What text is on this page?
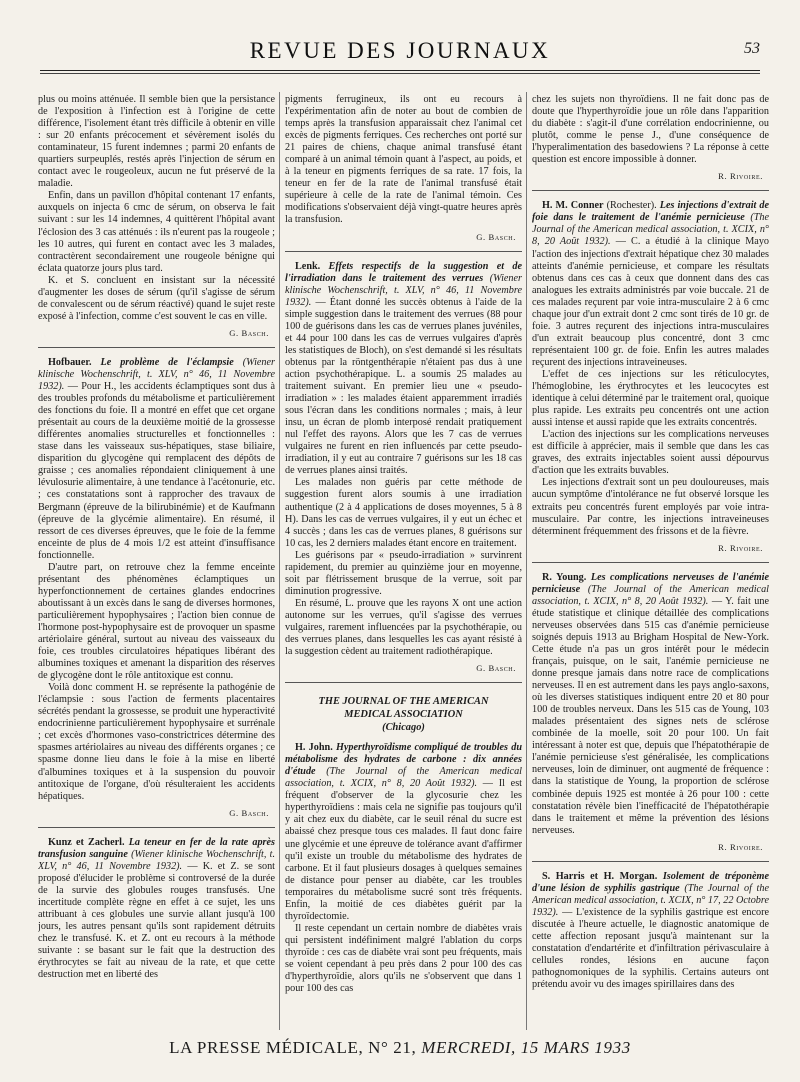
REVUE DES JOURNAUX	53

plus ou moins atténuée. Il semble bien que la persistance de l'exposition à l'infection est à l'origine de cette différence, l'isolement étant très difficile à obtenir en ville : sur 20 enfants précocement et sévèrement isolés du contaminateur, 15 furent indemnes ; parmi 20 enfants de quartiers surpeuplés, restés après l'injection de sérum en contact avec le rougeoleux, aucun ne fut préservé de la maladie.

Enfin, dans un pavillon d'hôpital contenant 17 enfants, auxquels on injecta 6 cmc de sérum, on observa le fait suivant : sur les 14 indemnes, 4 quittèrent l'hôpital avant l'éclosion des 3 cas atténués : ils n'eurent pas la rougeole ; les 10 autres, qui furent en contact avec les 3 malades, contractèrent secondairement une rougeole bénigne qui éclata quatorze jours plus tard.

K. et S. concluent en insistant sur la nécessité d'augmenter les doses de sérum (qu'il s'agisse de sérum de convalescent ou de sérum réactivé) quand le sujet reste exposé à l'infection, comme c'est souvent le cas en ville.

G. Basch.

Hofbauer. Le problème de l'éclampsie (Wiener klinische Wochenschrift, t. XLV, n° 46, 11 Novembre 1932). — Pour H., les accidents éclamptiques sont dus à des troubles profonds du métabolisme et particulièrement des fonctions du foie. Il a montré en effet que cet organe présentait au cours de la deuxième moitié de la grossesse différentes anomalies structurelles et fonctionnelles : stase dans les vaisseaux sus-hépatiques, stase biliaire, disparition du glycogène qui remplacent des dépôts de graisse ; ces anomalies répondaient cliniquement à une lévulosurie alimentaire, à une tendance à l'acétonurie, etc. ; ces constatations sont à rapprocher des travaux de Bergmann (épreuve de la bilirubinémie) et de Kaufmann (épreuve de la glycémie alimentaire). En résumé, il ressort de ces diverses épreuves, que le foie de la femme enceinte de plus de 4 mois 1/2 est atteint d'insuffisance fonctionnelle.

D'autre part, on retrouve chez la femme enceinte présentant des phénomènes éclamptiques un hyperfonctionnement de certaines glandes endocrines aboutissant à un excès dans le sang de diverses hormones, particulièrement hypophysaires ; l'action bien connue de l'hormone post-hypophysaire est de provoquer un spasme artériolaire général, surtout au niveau des vaisseaux du foie, ces troubles circulatoires hépatiques libérant des albumines toxiques et amenant la disparition des réserves de glycogène dont le rôle antitoxique est connu.

Voilà donc comment H. se représente la pathogénie de l'éclampsie : sous l'action de ferments placentaires sécrétés pendant la grossesse, se produit une hyperactivité endocrinienne particulièrement hypophysaire et surrénale ; cet excès d'hormones vaso-constrictrices détermine des spasmes artériolaires au niveau des différents organes ; ce spasme donne lieu dans le foie à la mise en liberté d'albumines toxiques et à la suspension du pouvoir antitoxique de l'organe, d'où résulteraient les accidents hépatiques.

G. Basch.

Kunz et Zacherl. La teneur en fer de la rate après transfusion sanguine (Wiener klinische Wochenschrift, t. XLV, n° 46, 11 Novembre 1932). — K. et Z. se sont proposé d'élucider le problème si controversé de la durée de la survie des globules rouges transfusés. Une incertitude complète règne en effet à ce sujet, les uns attribuant à ces globules une survie allant jusqu'à 100 jours, les autres pensant qu'ils sont rapidement détruits chez le transfusé. K. et Z. ont eu recours à la méthode suivante : se basant sur le fait que la destruction des érythrocytes se fait au niveau de la rate, et que cette destruction met en liberté des

pigments ferrugineux, ils ont eu recours à l'expérimentation afin de noter au bout de combien de temps après la transfusion apparaissait chez l'animal cet excès de pigments ferriques. Ces recherches ont porté sur 21 paires de chiens, chaque animal transfusé étant comparé à un animal témoin quant à l'aspect, au poids, et à la teneur en pigments ferriques de sa rate. 17 fois, la teneur en fer de la rate de l'animal transfusé était supérieure à celle de la rate de l'animal témoin. Ces modifications s'observaient déjà vingt-quatre heures après la transfusion.

G. Basch.

Lenk. Effets respectifs de la suggestion et de l'irradiation dans le traitement des verrues (Wiener klinische Wochenschrift, t. XLV, n° 46, 11 Novembre 1932). — Étant donné les succès obtenus à l'aide de la simple suggestion dans le traitement des verrues (88 pour 100 de guérisons dans les cas de verrues planes juvéniles, et 44 pour 100 dans les cas de verrues vulgaires d'après les statistiques de Bloch), on s'est demandé si les résultats obtenus par la röntgenthérapie n'étaient pas dus à une action psychothérapique. L. a soumis 25 malades au traitement suivant. En premier lieu une « pseudo-irradiation » : les malades étaient apparemment irradiés sous l'écran dans les conditions normales ; mais, à leur insu, un écran de plomb interposé rendait pratiquement nul l'effet des rayons. Alors que les 7 cas de verrues vulgaires ne furent en rien influencés par cette pseudo-irradiation, il y eut au contraire 7 guérisons sur les 18 cas de verrues planes ainsi traités.

Les malades non guéris par cette méthode de suggestion furent alors soumis à une irradiation authentique (2 à 4 applications de doses moyennes, 5 à 8 H). Dans les cas de verrues vulgaires, il y eut un échec et 4 succès ; dans les cas de verrues planes, 8 guérisons sur 10 cas, les 2 derniers malades étant encore en traitement.

Les guérisons par « pseudo-irradiation » survinrent rapidement, du premier au quinzième jour en moyenne, soit par flétrissement brusque de la verrue, soit par diminution progressive.

En résumé, L. prouve que les rayons X ont une action autonome sur les verrues, qu'il s'agisse des verrues vulgaires, rarement influencées par la psychothérapie, ou des verrues planes, dans lesquelles les cas ayant résisté à la suggestion cèdent au traitement radiothérapique.

G. Basch.
THE JOURNAL OF THE AMERICAN
MEDICAL ASSOCIATION
(Chicago)

H. John. Hyperthyroïdisme compliqué de troubles du métabolisme des hydrates de carbone : dix années d'étude (The Journal of the American medical association, t. XCIX, n° 8, 20 Août 1932). — Il est fréquent d'observer de la glycosurie chez les hyperthyroïdiens : mais cela ne signifie pas toujours qu'il y ait chez eux du diabète, car le seuil rénal du sucre est abaissé chez presque tous ces malades. Il faut donc faire une glycémie et une épreuve de tolérance avant d'affirmer qu'il existe un trouble du métabolisme des hydrates de carbone. Et il faut plusieurs dosages à quelques semaines de distance pour penser au diabète, car les troubles temporaires du métabolisme sucré sont très fréquents. Enfin, la moitié de ces diabètes guérit par la thyroïdectomie.

Il reste cependant un certain nombre de diabètes vrais qui persistent indéfiniment malgré l'ablation du corps thyroïde : ces cas de diabète vrai sont peu fréquents, mais se voient cependant à peu près dans 2 pour 100 des cas d'hyperthyroïdie, alors qu'ils ne s'observent que dans 1 pour 100 des cas

chez les sujets non thyroïdiens. Il ne fait donc pas de doute que l'hyperthyroïdie joue un rôle dans l'apparition du diabète : s'agit-il d'une corrélation endocrinienne, ou plutôt, comme le pense J., d'une conséquence de l'hyperalimentation des basedowiens ? La réponse à cette question est encore impossible à donner.

R. Rivoire.

H. M. Conner (Rochester). Les injections d'extrait de foie dans le traitement de l'anémie pernicieuse (The Journal of the American medical association, t. XCIX, n° 8, 20 Août 1932). — C. a étudié à la clinique Mayo l'action des injections d'extrait hépatique chez 30 malades atteints d'anémie pernicieuse, et compare les résultats obtenus dans ces cas à ceux que donnent dans des cas analogues les extraits administrés par voie buccale. 21 de ces malades reçurent par voie intra-musculaire 2 à 6 cmc chaque jour d'un extrait dont 2 cmc sont tirés de 10 gr. de foie. 3 autres reçurent des injections intra-musculaires d'un extrait beaucoup plus concentré, dont 3 cmc représentaient 100 gr. de foie. Enfin les autres malades reçurent des injections intraveineuses.

L'effet de ces injections sur les réticulocytes, l'hémoglobine, les érythrocytes et les leucocytes est identique à celui déterminé par le traitement oral, quoique plus rapide. Les extraits peu concentrés ont une action aussi intense et aussi rapide que les extraits concentrés.

L'action des injections sur les complications nerveuses est difficile à apprécier, mais il semble que dans les cas graves, des extraits injectables soient aussi dépourvus d'action que les extraits buvables.

Les injections d'extrait sont un peu douloureuses, mais aucun symptôme d'intolérance ne fut observé lorsque les extraits peu concentrés furent employés par voie intra-musculaire. Par contre, les injections intraveineuses déterminent fréquemment des frissons et de la fièvre.

R. Rivoire.

R. Young. Les complications nerveuses de l'anémie pernicieuse (The Journal of the American medical association, t. XCIX, n° 8, 20 Août 1932). — Y. fait une étude statistique et clinique détaillée des complications nerveuses observées dans 515 cas d'anémie pernicieuse soignés depuis 1913 au Brigham Hospital de New-York. Cette étude n'a pas un gros intérêt pour le médecin français, puisque, on le sait, l'anémie pernicieuse ne donne presque jamais dans notre race de complications nerveuses. Il en est autrement dans les pays anglo-saxons, où les diverses statistiques indiquent entre 20 et 80 pour 100 de troubles nerveux. Dans les 515 cas de Young, 103 malades présentaient des signes nets de sclérose combinée de la moelle, soit 20 pour 100. Un fait intéressant à noter est que, depuis que l'hépatothérapie de l'anémie pernicieuse s'est généralisée, les complications nerveuses, loin de diminuer, ont augmenté de fréquence : dans la statistique de Young, la proportion de sclérose combinée depuis 1925 est montée à 26 pour 100 : cette constatation révèle bien l'inefficacité de l'hépatothérapie dans le traitement et même la prévention des lésions nerveuses.

R. Rivoire.

S. Harris et H. Morgan. Isolement de tréponème d'une lésion de syphilis gastrique (The Journal of the American medical association, t. XCIX, n° 17, 22 Octobre 1932). — L'existence de la syphilis gastrique est encore discutée à l'heure actuelle, le diagnostic anatomique de cette affection reposant jusqu'à maintenant sur la constatation d'endartérite et d'infiltration périvasculaire à cellules rondes, lésions en aucune façon pathognomoniques de la syphilis. Certains auteurs ont prétendu avoir vu des images spirillaires dans des

LA PRESSE MÉDICALE, N° 21, MERCREDI, 15 MARS 1933
